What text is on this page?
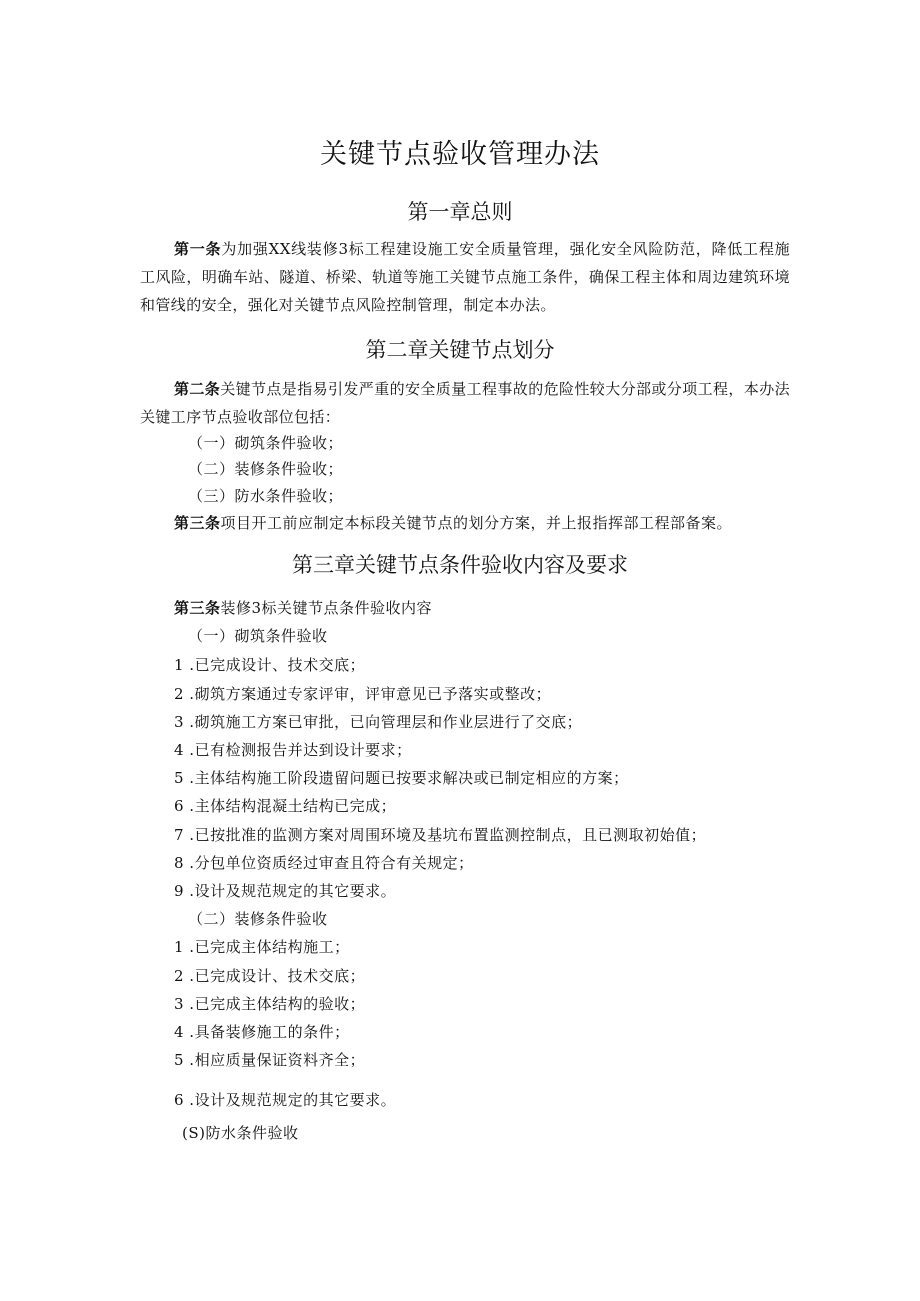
关键节点验收管理办法
第一章总则
第一条为加强XX线装修3标工程建设施工安全质量管理，强化安全风险防范，降低工程施工风险，明确车站、隧道、桥梁、轨道等施工关键节点施工条件，确保工程主体和周边建筑环境和管线的安全，强化对关键节点风险控制管理，制定本办法。
第二章关键节点划分
第二条关键节点是指易引发严重的安全质量工程事故的危险性较大分部或分项工程，本办法关键工序节点验收部位包括：
（一）砌筑条件验收；
（二）装修条件验收；
（三）防水条件验收；
第三条项目开工前应制定本标段关键节点的划分方案，并上报指挥部工程部备案。
第三章关键节点条件验收内容及要求
第三条装修3标关键节点条件验收内容
（一）砌筑条件验收
1 .已完成设计、技术交底；
2 .砌筑方案通过专家评审，评审意见已予落实或整改；
3 .砌筑施工方案已审批，已向管理层和作业层进行了交底；
4 .已有检测报告并达到设计要求；
5 .主体结构施工阶段遗留问题已按要求解决或已制定相应的方案；
6 .主体结构混凝土结构已完成；
7 .已按批准的监测方案对周围环境及基坑布置监测控制点，且已测取初始值；
8 .分包单位资质经过审查且符合有关规定；
9 .设计及规范规定的其它要求。
（二）装修条件验收
1 .已完成主体结构施工；
2 .已完成设计、技术交底；
3 .已完成主体结构的验收；
4 .具备装修施工的条件；
5 .相应质量保证资料齐全；
6 .设计及规范规定的其它要求。
(S)防水条件验收
